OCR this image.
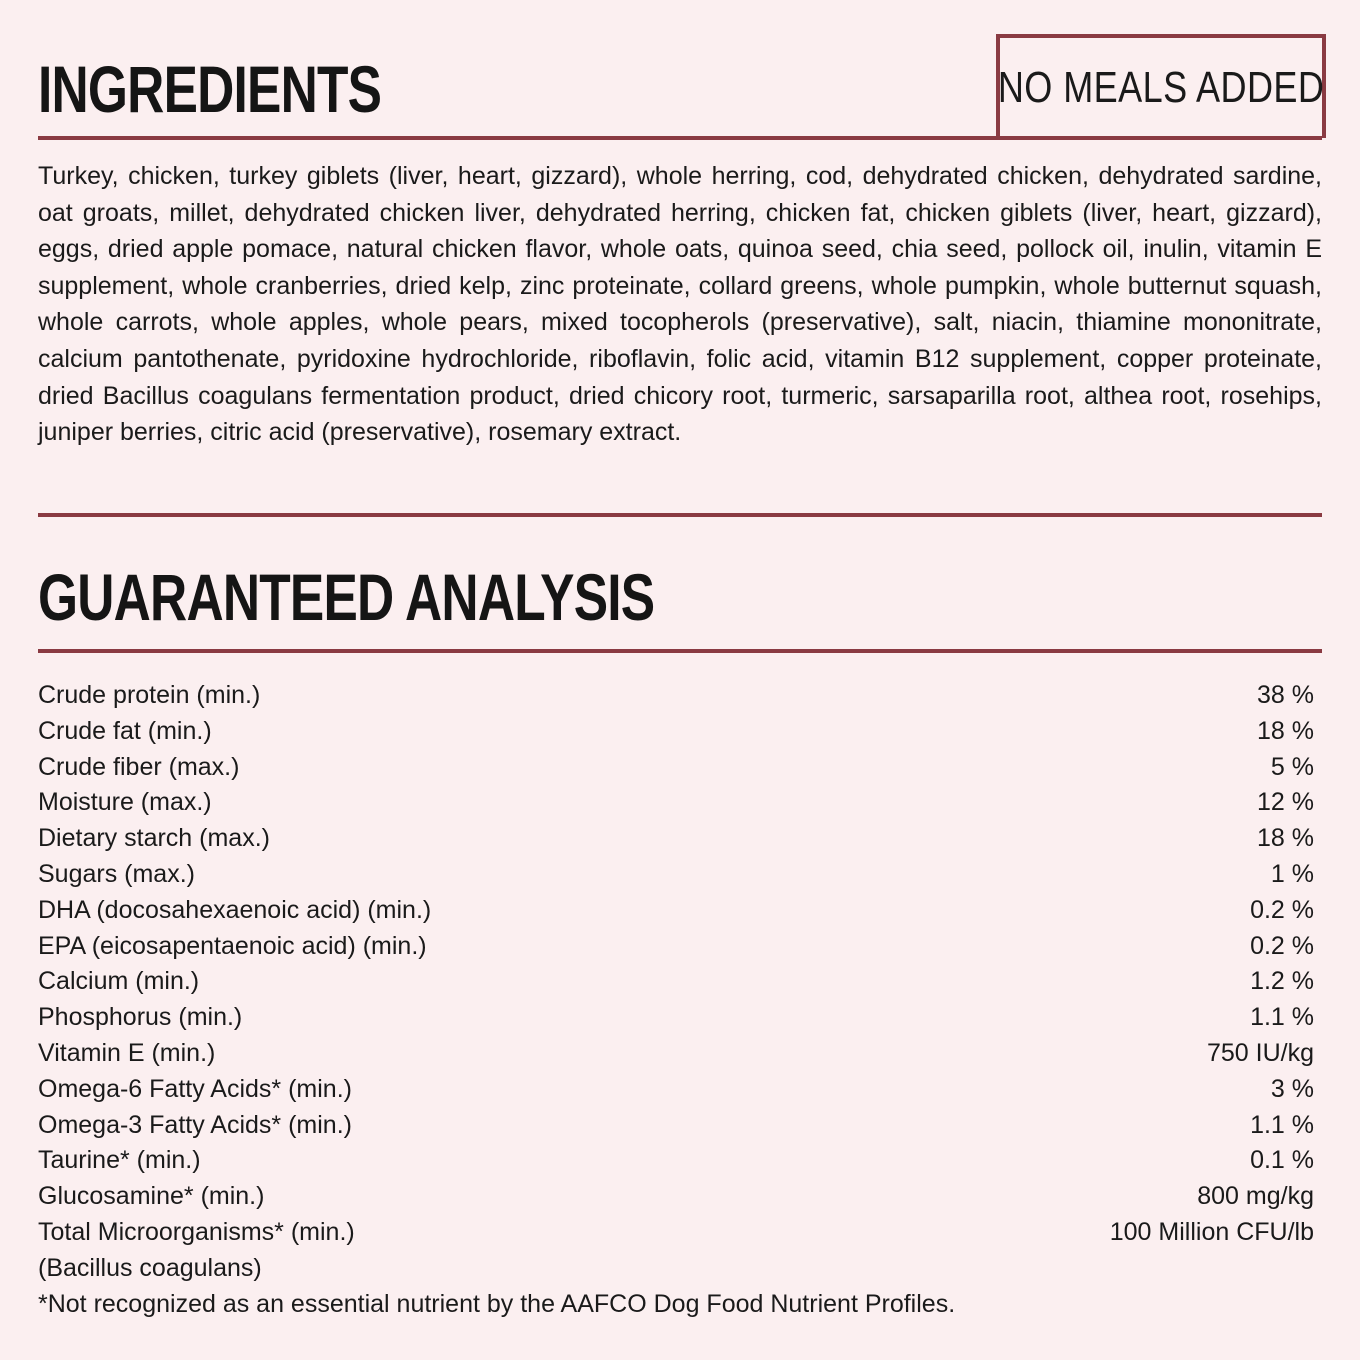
INGREDIENTS	NO MEALS ADDED

Turkey, chicken, turkey giblets (liver, heart, gizzard), whole herring, cod, dehydrated chicken, dehydrated sardine, oat groats, millet, dehydrated chicken liver, dehydrated herring, chicken fat, chicken giblets (liver, heart, gizzard), eggs, dried apple pomace, natural chicken flavor, whole oats, quinoa seed, chia seed, pollock oil, inulin, vitamin E supplement, whole cranberries, dried kelp, zinc proteinate, collard greens, whole pumpkin, whole butternut squash, whole carrots, whole apples, whole pears, mixed tocopherols (preservative), salt, niacin, thiamine mononitrate, calcium pantothenate, pyridoxine hydrochloride, riboflavin, folic acid, vitamin B12 supplement, copper proteinate, dried Bacillus coagulans fermentation product, dried chicory root, turmeric, sarsaparilla root, althea root, rosehips, juniper berries, citric acid (preservative), rosemary extract.

GUARANTEED ANALYSIS
Crude protein (min.)	38 %
Crude fat (min.)	18 %
Crude fiber (max.)	5 %
Moisture (max.)	12 %
Dietary starch (max.)	18 %
Sugars (max.)	1 %
DHA (docosahexaenoic acid) (min.)	0.2 %
EPA (eicosapentaenoic acid) (min.)	0.2 %
Calcium (min.)	1.2 %
Phosphorus (min.)	1.1 %
Vitamin E (min.)	750 IU/kg
Omega-6 Fatty Acids* (min.)	3 %
Omega-3 Fatty Acids* (min.)	1.1 %
Taurine* (min.)	0.1 %
Glucosamine* (min.)	800 mg/kg
Total Microorganisms* (min.)	100 Million CFU/lb
(Bacillus coagulans)
*Not recognized as an essential nutrient by the AAFCO Dog Food Nutrient Profiles.
